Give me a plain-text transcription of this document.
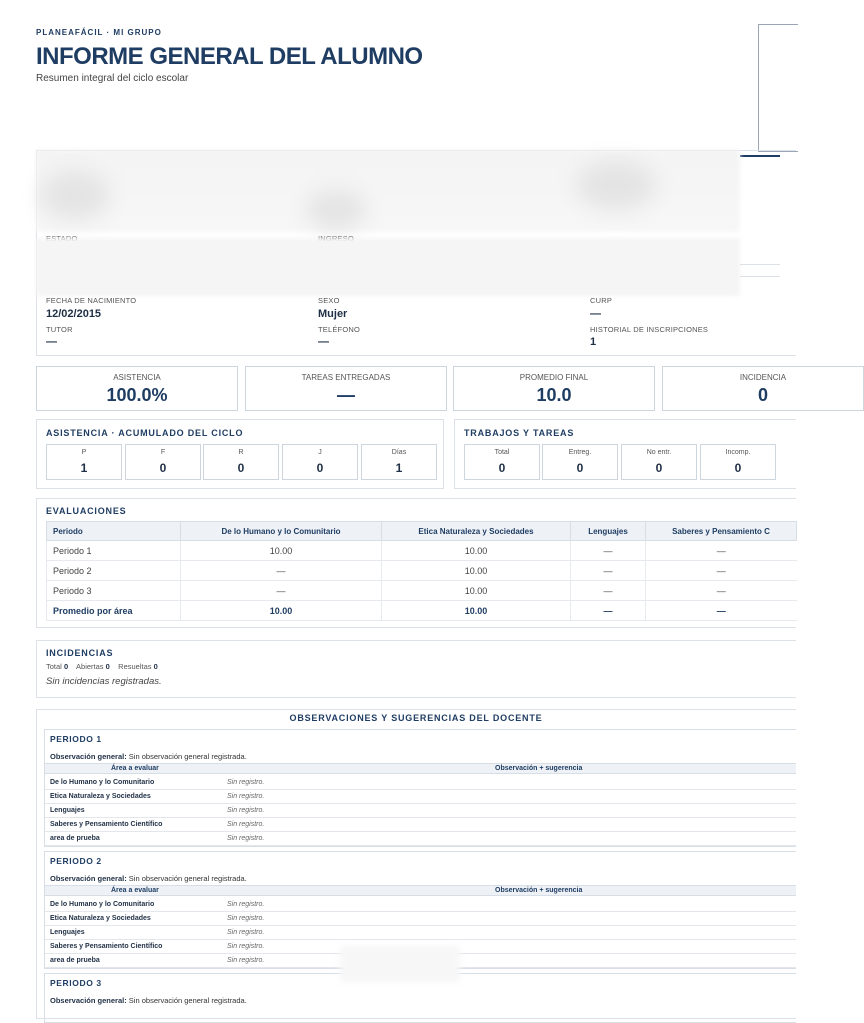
PLANEAFÁCIL · MI GRUPO
INFORME GENERAL DEL ALUMNO
Resumen integral del ciclo escolar
FECHA DE NACIMIENTO
12/02/2015
SEXO
Mujer
CURP
—
TUTOR
—
TELÉFONO
—
HISTORIAL DE INSCRIPCIONES
1
ASISTENCIA
100.0%
TAREAS ENTREGADAS
—
PROMEDIO FINAL
10.0
INCIDENCIA
0
ASISTENCIA · ACUMULADO DEL CICLO
P
1
F
0
R
0
J
0
Días
1
TRABAJOS Y TAREAS
Total
0
Entreg.
0
No entr.
0
Incomp.
0
EVALUACIONES
Periodo	De lo Humano y lo Comunitario	Etica Naturaleza y Sociedades	Lenguajes	Saberes y Pensamiento C
Periodo 1	10.00	10.00	—	—
Periodo 2	—	10.00	—	—
Periodo 3	—	10.00	—	—
Promedio por área	10.00	10.00	—	—
INCIDENCIAS
Total 0 Abiertas 0 Resueltas 0
Sin incidencias registradas.
OBSERVACIONES Y SUGERENCIAS DEL DOCENTE
PERIODO 1
Observación general: Sin observación general registrada.
Área a evaluar	Observación + sugerencia
De lo Humano y lo Comunitario	Sin registro.
Etica Naturaleza y Sociedades	Sin registro.
Lenguajes	Sin registro.
Saberes y Pensamiento Científico	Sin registro.
area de prueba	Sin registro.
PERIODO 2
Observación general: Sin observación general registrada.
Área a evaluar	Observación + sugerencia
De lo Humano y lo Comunitario	Sin registro.
Etica Naturaleza y Sociedades	Sin registro.
Lenguajes	Sin registro.
Saberes y Pensamiento Científico	Sin registro.
area de prueba	Sin registro.
PERIODO 3
Observación general: Sin observación general registrada.
